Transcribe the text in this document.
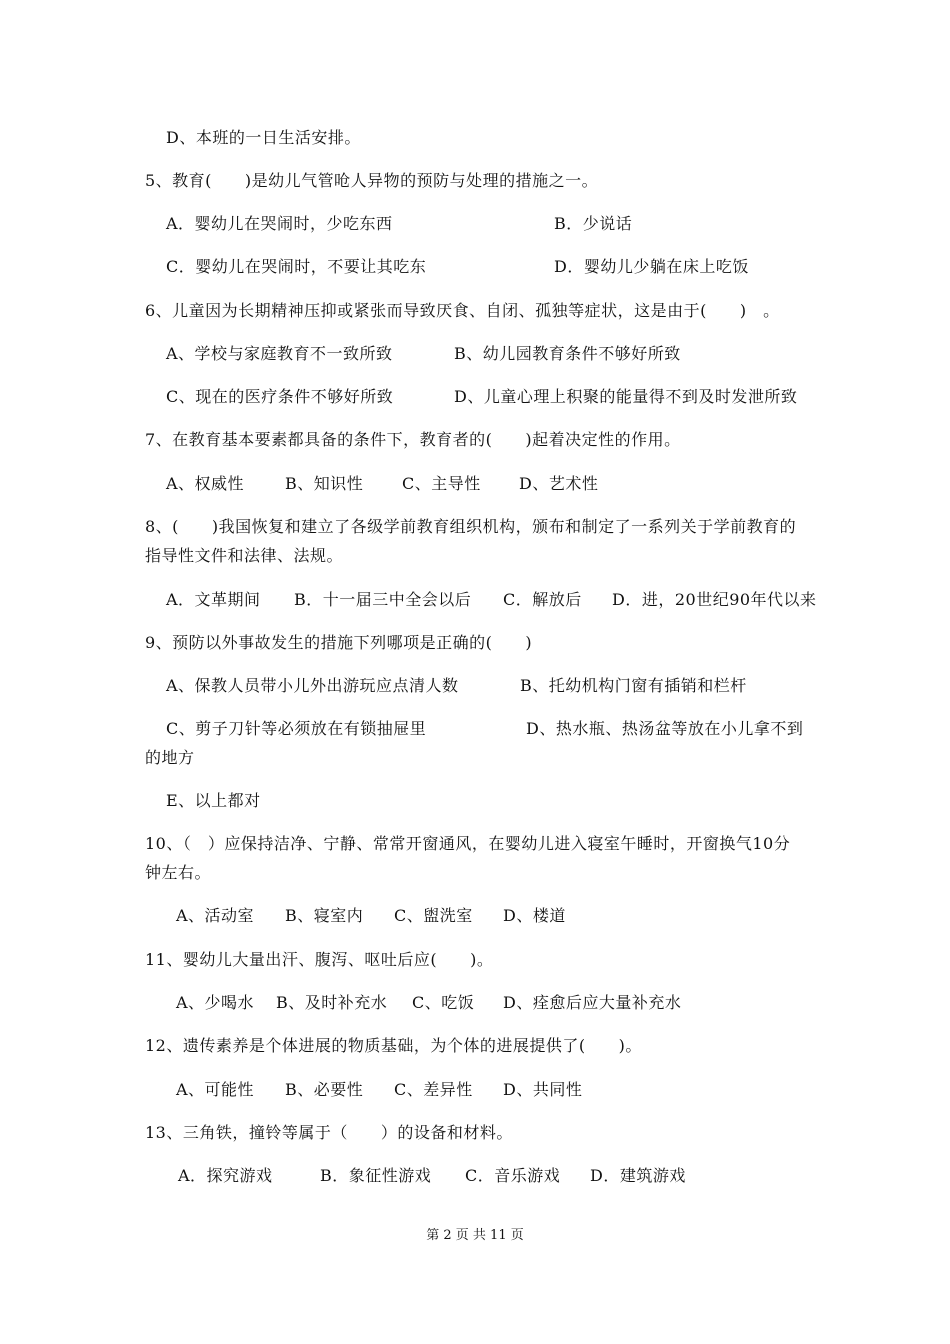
D、本班的一日生活安排。
5、教育(　　)是幼儿气管呛人异物的预防与处理的措施之一。
A．婴幼儿在哭闹时，少吃东西	B．少说话
C．婴幼儿在哭闹时，不要让其吃东	D．婴幼儿少躺在床上吃饭
6、儿童因为长期精神压抑或紧张而导致厌食、自闭、孤独等症状，这是由于(　　)　。
A、学校与家庭教育不一致所致	B、幼儿园教育条件不够好所致
C、现在的医疗条件不够好所致	D、儿童心理上积聚的能量得不到及时发泄所致
7、在教育基本要素都具备的条件下，教育者的(　　)起着决定性的作用。
A、权威性	B、知识性 C、主导性 D、艺术性
8、(　　)我国恢复和建立了各级学前教育组织机构，颁布和制定了一系列关于学前教育的
指导性文件和法律、法规。
A．文革期间 B．十一届三中全会以后 C．解放后 D．进，20世纪90年代以来
9、预防以外事故发生的措施下列哪项是正确的(　　)
A、保教人员带小儿外出游玩应点清人数	B、托幼机构门窗有插销和栏杆
C、剪子刀针等必须放在有锁抽屉里	D、热水瓶、热汤盆等放在小儿拿不到
的地方
E、以上都对
10、（　）应保持洁净、宁静、常常开窗通风，在婴幼儿进入寝室午睡时，开窗换气10分
钟左右。
A、活动室 B、寝室内 C、盥洗室 D、楼道
11、婴幼儿大量出汗、腹泻、呕吐后应(　　)。
A、少喝水 B、及时补充水 C、吃饭 D、痊愈后应大量补充水
12、遗传素养是个体进展的物质基础，为个体的进展提供了(　　)。
A、可能性 B、必要性 C、差异性 D、共同性
13、三角铁，撞铃等属于（　　）的设备和材料。
A．探究游戏	B．象征性游戏 C．音乐游戏 D．建筑游戏
第 2 页 共 11 页
